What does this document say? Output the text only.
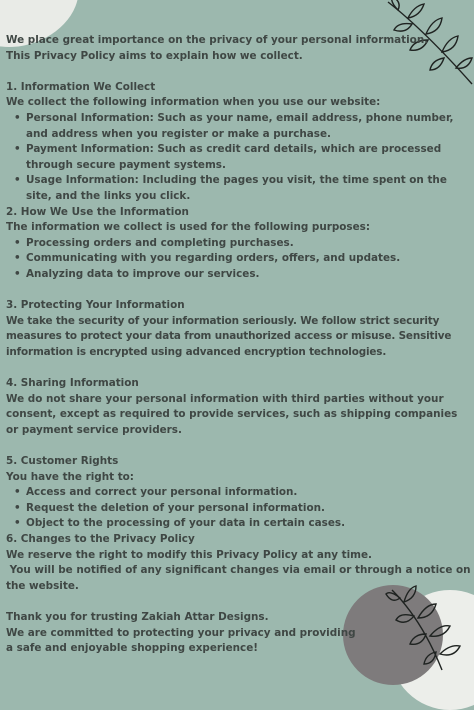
We place great importance on the privacy of your personal information.

This Privacy Policy aims to explain how we collect.

1. Information We Collect

We collect the following information when you use our website:

• Personal Information: Such as your name, email address, phone number, and address when you register or make a purchase.
• Payment Information: Such as credit card details, which are processed through secure payment systems.
• Usage Information: Including the pages you visit, the time spent on the site, and the links you click.

2. How We Use the Information

The information we collect is used for the following purposes:

• Processing orders and completing purchases.
• Communicating with you regarding orders, offers, and updates.
• Analyzing data to improve our services.

3. Protecting Your Information

We take the security of your information seriously. We follow strict security measures to protect your data from unauthorized access or misuse. Sensitive information is encrypted using advanced encryption technologies.

4. Sharing Information

We do not share your personal information with third parties without your consent, except as required to provide services, such as shipping companies or payment service providers.

5. Customer Rights

You have the right to:

• Access and correct your personal information.
• Request the deletion of your personal information.
• Object to the processing of your data in certain cases.

6. Changes to the Privacy Policy

We reserve the right to modify this Privacy Policy at any time.

You will be notified of any significant changes via email or through a notice on the website.

Thank you for trusting Zakiah Attar Designs.

We are committed to protecting your privacy and providing

a safe and enjoyable shopping experience!
